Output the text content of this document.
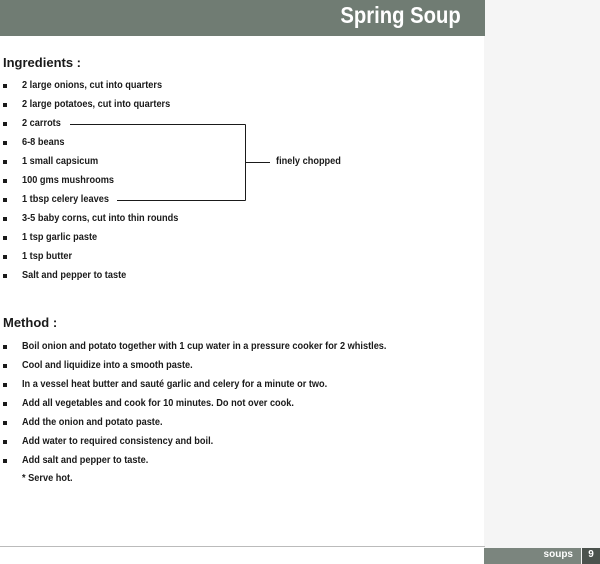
Spring Soup
Ingredients :
2 large onions, cut into quarters
2 large potatoes, cut into quarters
2 carrots
6-8 beans
1 small capsicum
100 gms mushrooms
1 tbsp celery leaves
3-5 baby corns, cut into thin rounds
1 tsp garlic paste
1 tsp butter
Salt and pepper to taste
finely chopped
Method :
Boil onion and potato together with 1 cup water in a pressure cooker for 2 whistles.
Cool and liquidize into a smooth paste.
In a vessel heat butter and sauté garlic and celery for a minute or two.
Add all vegetables and cook for 10 minutes. Do not over cook.
Add the onion and potato paste.
Add water to required consistency and boil.
Add salt and pepper to taste.
* Serve hot.
soups	9
